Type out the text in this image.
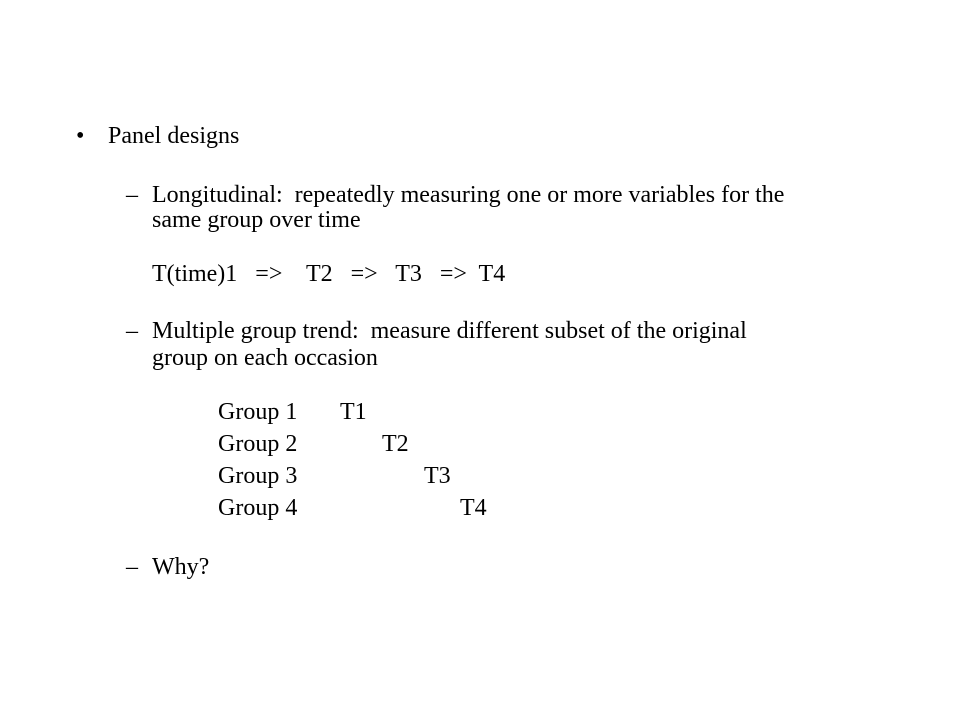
• Panel designs
– Longitudinal:  repeatedly measuring one or more variables for the
same group over time
T(time)1   =>    T2   =>   T3   =>  T4
– Multiple group trend:  measure different subset of the original
group on each occasion
Group 1 T1
Group 2	T2
Group 3	T3
Group 4	T4
– Why?
